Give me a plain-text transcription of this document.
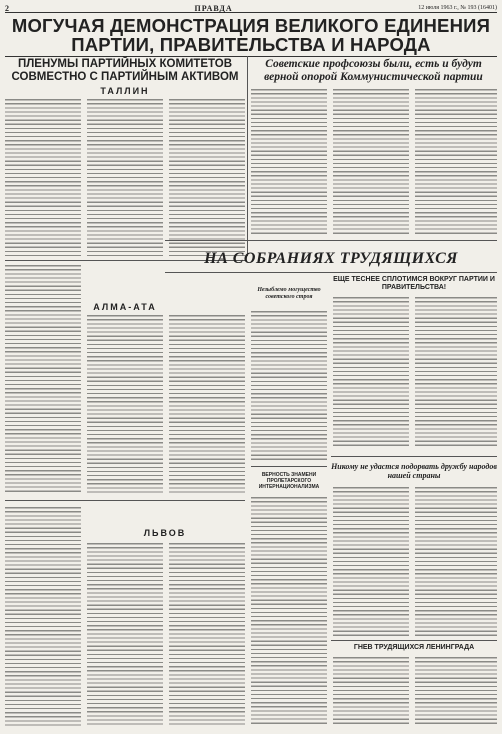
2	ПРАВДА	12 июля 1963 г., № 193 (16401)
МОГУЧАЯ ДЕМОНСТРАЦИЯ ВЕЛИКОГО ЕДИНЕНИЯ ПАРТИИ, ПРАВИТЕЛЬСТВА И НАРОДА
ПЛЕНУМЫ ПАРТИЙНЫХ КОМИТЕТОВ СОВМЕСТНО С ПАРТИЙНЫМ АКТИВОМ
Советские профсоюзы были, есть и будут верной опорой Коммунистической партии
ТАЛЛИН
АЛМА-АТА
НА СОБРАНИЯХ ТРУДЯЩИХСЯ
Незыблемо могущество советского строя
ЕЩЕ ТЕСНЕЕ СПЛОТИМСЯ ВОКРУГ ПАРТИИ И ПРАВИТЕЛЬСТВА!
Никому не удастся подорвать дружбу народов нашей страны
ВЕРНОСТЬ ЗНАМЕНИ ПРОЛЕТАРСКОГО ИНТЕРНАЦИОНАЛИЗМА
ЛЬВОВ
ГНЕВ ТРУДЯЩИХСЯ ЛЕНИНГРАДА
